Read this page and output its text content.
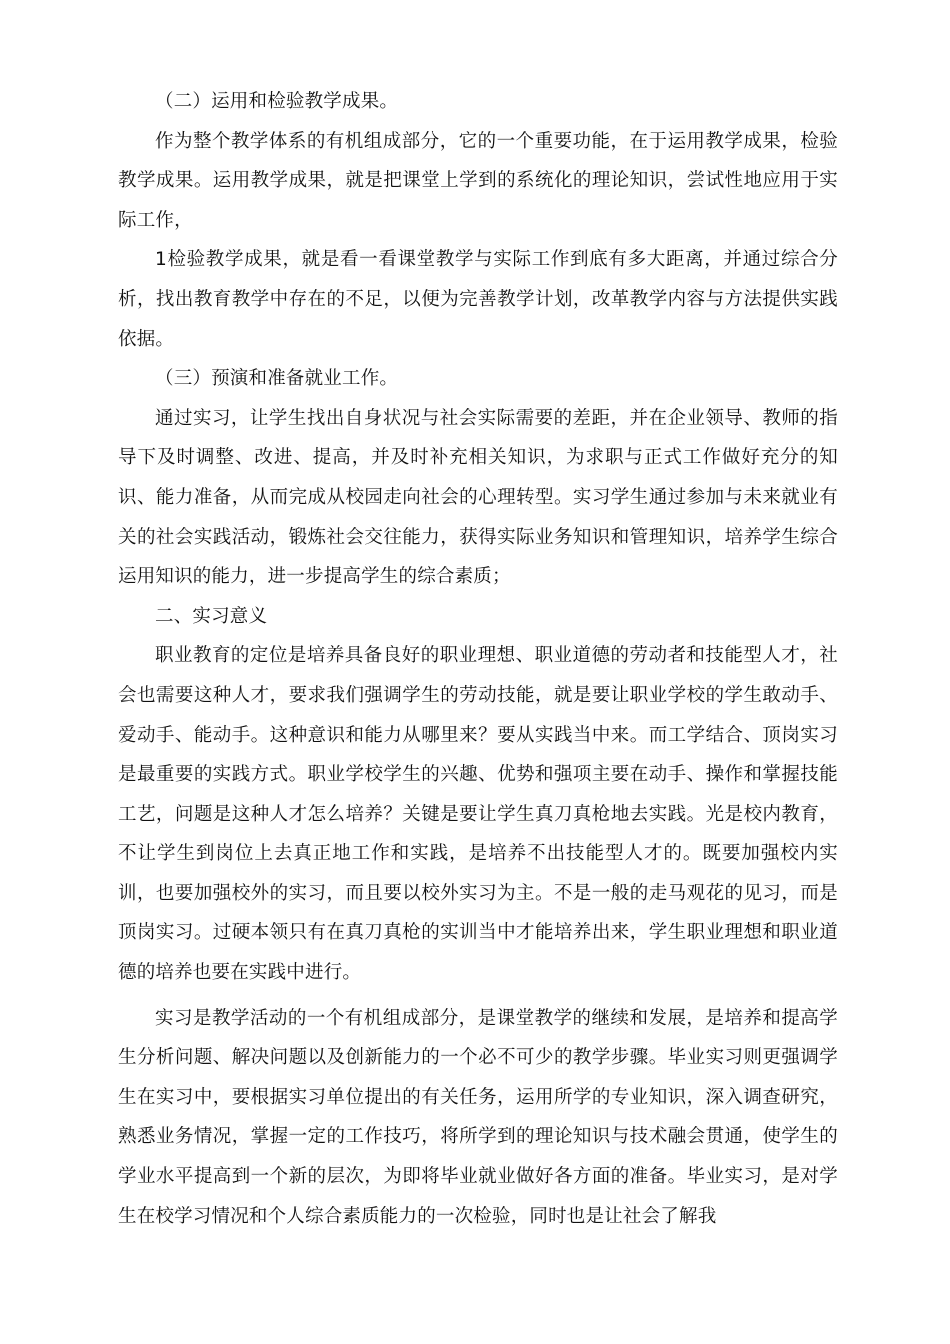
（二）运用和检验教学成果。

作为整个教学体系的有机组成部分，它的一个重要功能，在于运用教学成果，检验教学成果。运用教学成果，就是把课堂上学到的系统化的理论知识，尝试性地应用于实际工作，

1检验教学成果，就是看一看课堂教学与实际工作到底有多大距离，并通过综合分析，找出教育教学中存在的不足，以便为完善教学计划，改革教学内容与方法提供实践依据。

（三）预演和准备就业工作。

通过实习，让学生找出自身状况与社会实际需要的差距，并在企业领导、教师的指导下及时调整、改进、提高，并及时补充相关知识，为求职与正式工作做好充分的知识、能力准备，从而完成从校园走向社会的心理转型。实习学生通过参加与未来就业有关的社会实践活动，锻炼社会交往能力，获得实际业务知识和管理知识，培养学生综合运用知识的能力，进一步提高学生的综合素质；

二、实习意义

职业教育的定位是培养具备良好的职业理想、职业道德的劳动者和技能型人才，社会也需要这种人才，要求我们强调学生的劳动技能，就是要让职业学校的学生敢动手、爱动手、能动手。这种意识和能力从哪里来？要从实践当中来。而工学结合、顶岗实习是最重要的实践方式。职业学校学生的兴趣、优势和强项主要在动手、操作和掌握技能工艺，问题是这种人才怎么培养？关键是要让学生真刀真枪地去实践。光是校内教育，不让学生到岗位上去真正地工作和实践，是培养不出技能型人才的。既要加强校内实训，也要加强校外的实习，而且要以校外实习为主。不是一般的走马观花的见习，而是顶岗实习。过硬本领只有在真刀真枪的实训当中才能培养出来，学生职业理想和职业道德的培养也要在实践中进行。

实习是教学活动的一个有机组成部分，是课堂教学的继续和发展，是培养和提高学生分析问题、解决问题以及创新能力的一个必不可少的教学步骤。毕业实习则更强调学生在实习中，要根据实习单位提出的有关任务，运用所学的专业知识，深入调查研究，熟悉业务情况，掌握一定的工作技巧，将所学到的理论知识与技术融会贯通，使学生的学业水平提高到一个新的层次，为即将毕业就业做好各方面的准备。毕业实习，是对学生在校学习情况和个人综合素质能力的一次检验，同时也是让社会了解我
